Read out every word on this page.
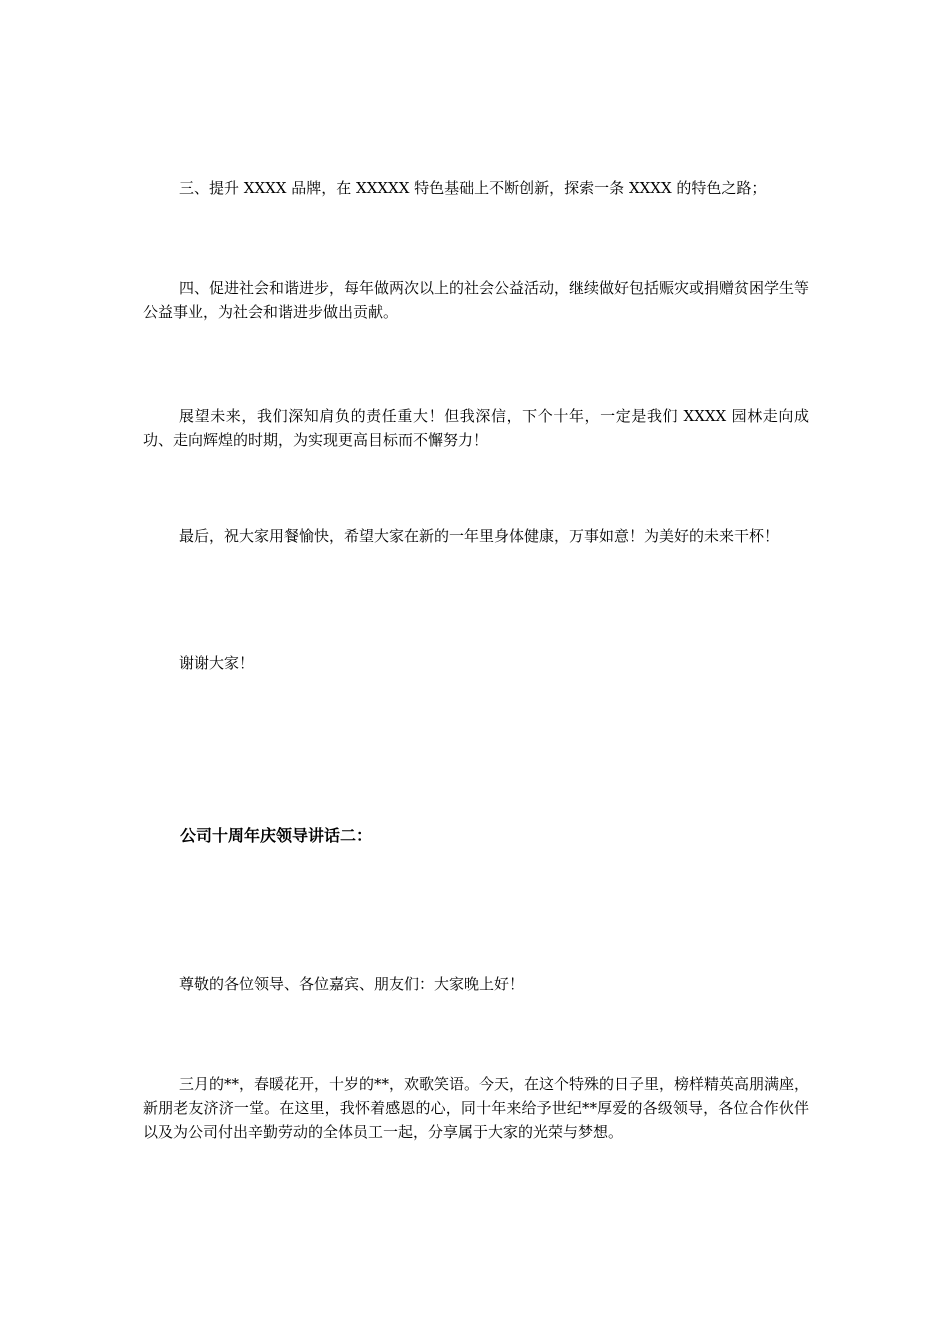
三、提升 XXXX 品牌，在 XXXXX 特色基础上不断创新，探索一条 XXXX 的特色之路；

四、促进社会和谐进步，每年做两次以上的社会公益活动，继续做好包括赈灾或捐赠贫困学生等公益事业，为社会和谐进步做出贡献。

展望未来，我们深知肩负的责任重大！但我深信，下个十年，一定是我们 XXXX 园林走向成功、走向辉煌的时期，为实现更高目标而不懈努力！

最后，祝大家用餐愉快，希望大家在新的一年里身体健康，万事如意！为美好的未来干杯！

谢谢大家！

公司十周年庆领导讲话二：

尊敬的各位领导、各位嘉宾、朋友们：大家晚上好！

三月的**，春暖花开，十岁的**，欢歌笑语。今天，在这个特殊的日子里，榜样精英高朋满座，新朋老友济济一堂。在这里，我怀着感恩的心，同十年来给予世纪**厚爱的各级领导，各位合作伙伴以及为公司付出辛勤劳动的全体员工一起，分享属于大家的光荣与梦想。
